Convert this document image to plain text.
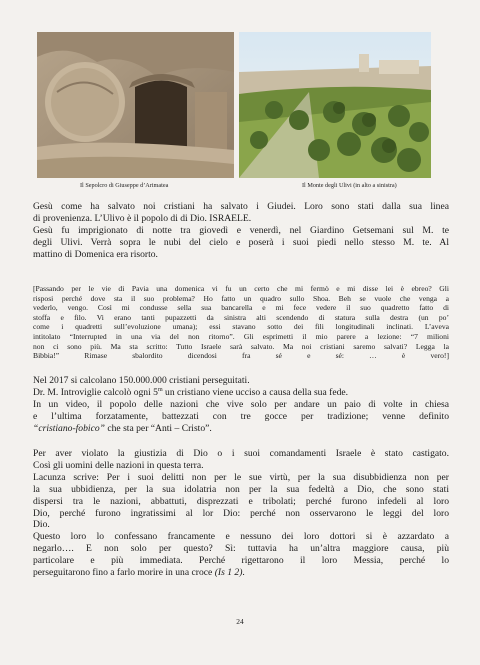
Il Sepolcro di Giuseppe d’Arimatea	Il Monte degli Ulivi (in alto a sinistra)

Gesù come ha salvato noi cristiani ha salvato i Giudei. Loro sono stati dalla sua linea
di provenienza. L’Ulivo è il popolo di di Dio. ISRAELE.
Gesù fu imprigionato di notte tra giovedì e venerdì, nel Giardino Getsemani sul M. te
degli Ulivi. Verrà sopra le nubi del cielo e poserà i suoi piedi nello stesso M. te. Al
mattino di Domenica era risorto.

[Passando per le vie di Pavia una domenica vi fu un certo che mi fermò e mi disse lei è ebreo? Gli
risposi perché dove sta il suo problema? Ho fatto un quadro sullo Shoa. Beh se vuole che venga a
vederlo, vengo. Così mi condusse sella sua bancarella e mi fece vedere il suo quadretto fatto di
stoffa e filo. Vi erano tanti pupazzetti da sinistra alti scendendo di statura sulla destra (un po’
come i quadretti sull’evoluzione umana); essi stavano sotto dei fili longitudinali inclinati. L’aveva
intitolato “Interrupted in una via del non ritorno”. Gli esprimetti il mio parere a lezione: “7 milioni
non ci sono più. Ma sta scritto: Tutto Israele sarà salvato. Ma noi cristiani saremo salvati? Legga la
Bibbia!” Rimase sbalordito dicendosi fra sé e sé: … è vero!]

Nel 2017 si calcolano 150.000.000 cristiani perseguitati.
Dr. M. Introviglie calcolò ogni 5$^m$ un cristiano viene ucciso a causa della sua fede.
In un video, il popolo delle nazioni che vive solo per andare un paio di volte in chiesa
e l’ultima forzatamente, battezzati con tre gocce per tradizione; venne definito
“cristiano-fobico” che sta per “Anti – Cristo”.

Per aver violato la giustizia di Dio o i suoi comandamenti Israele è stato castigato.
Così gli uomini delle nazioni in questa terra.
Lacunza scrive: Per i suoi delitti non per le sue virtù, per la sua disubbidienza non per
la sua ubbidienza, per la sua idolatria non per la sua fedeltà a Dio, che sono stati
dispersi tra le nazioni, abbattuti, disprezzati e tribolati; perché furono infedeli al loro
Dio, perché furono ingratissimi al lor Dio: perché non osservarono le leggi del loro
Dio.
Questo loro lo confessano francamente e nessuno dei loro dottori si è azzardato a
negarlo…. E non solo per questo? Sì: tuttavia ha un’altra maggiore causa, più
particolare e più immediata. Perché rigettarono il loro Messia, perché lo
perseguitarono fino a farlo morire in una croce (Is 1 2).

24
